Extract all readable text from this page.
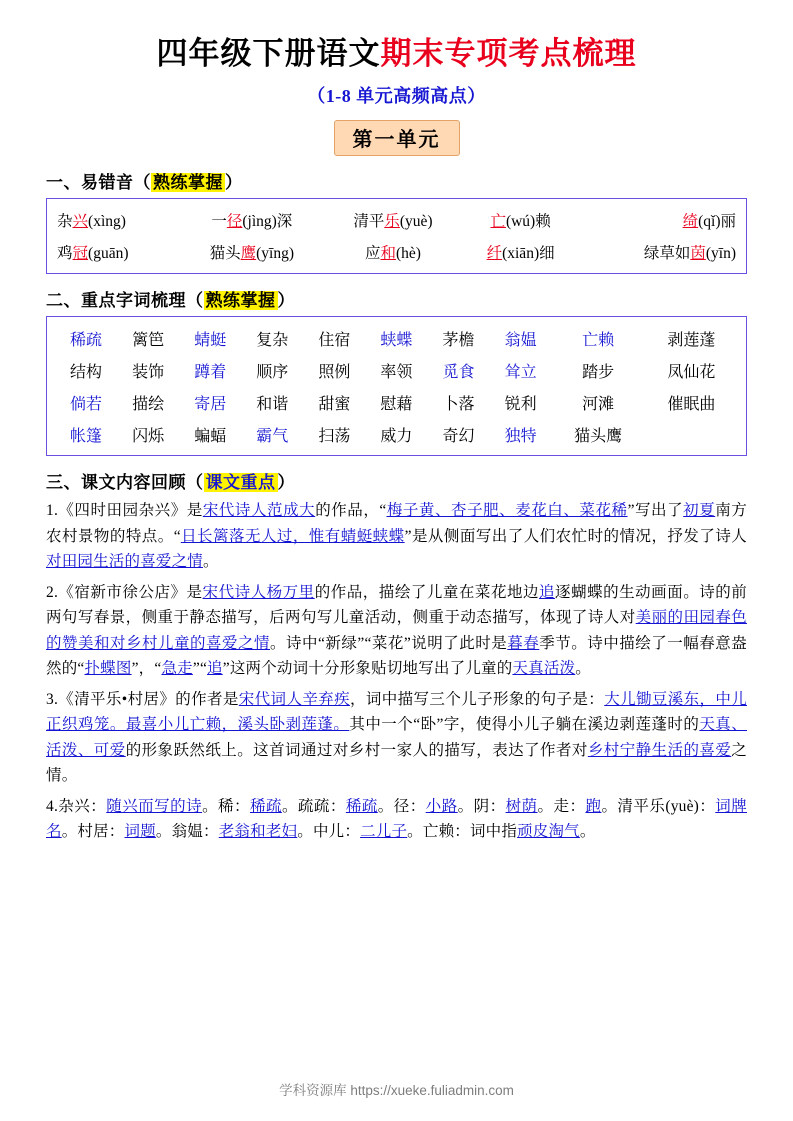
四年级下册语文期末专项考点梳理
（1-8 单元高频高点）
第一单元
一、易错音（ 熟练掌握 ）
杂兴(xìng)	一径(jìng)深	清平乐(yuè)	亡(wú)赖	绮(qǐ)丽
鸡冠(guān)	猫头鹰(yīng)	应和(hè)	纤(xiān)细	绿草如茵(yīn)
二、重点字词梳理（ 熟练掌握 ）
稀疏	篱笆	蜻蜓	复杂	住宿	蛱蝶	茅檐	翁媪	亡赖	剥莲蓬
结构	装饰	蹲着	顺序	照例	率领	觅食	耸立	踏步	凤仙花
倘若	描绘	寄居	和谐	甜蜜	慰藉	卜落	锐利	河滩	催眠曲
帐篷	闪烁	蝙蝠	霸气	扫荡	威力	奇幻	独特	猫头鹰	
三、课文内容回顾（ 课文重点 ）
1.《四时田园杂兴》是宋代诗人范成大的作品，“梅子黄、杏子肥、麦花白、菜花稀”写出了初夏南方农村景物的特点。“日长篱落无人过，惟有蜻蜓蛱蝶”是从侧面写出了人们农忙时的情况，抒发了诗人对田园生活的喜爱之情。
2.《宿新市徐公店》是宋代诗人杨万里的作品，描绘了儿童在菜花地边追逐蝴蝶的生动画面。诗的前两句写春景，侧重于静态描写，后两句写儿童活动，侧重于动态描写，体现了诗人对美丽的田园春色的赞美和对乡村儿童的喜爱之情。诗中“新绿”“菜花”说明了此时是暮春季节。诗中描绘了一幅春意盎然的“扑蝶图”，“急走”“追”这两个动词十分形象贴切地写出了儿童的天真活泼。
3.《清平乐•村居》的作者是宋代词人辛弃疾，词中描写三个儿子形象的句子是：大儿锄豆溪东，中儿正织鸡笼。最喜小儿亡赖，溪头卧剥莲蓬。其中一个“卧”字，使得小儿子躺在溪边剥莲蓬时的天真、活泼、可爱的形象跃然纸上。这首词通过对乡村一家人的描写，表达了作者对乡村宁静生活的喜爱之情。
4.杂兴：随兴而写的诗。稀：稀疏。疏疏：稀疏。径：小路。阴：树荫。走：跑。清平乐(yuè)：词牌名。村居：词题。翁媪：老翁和老妇。中儿：二儿子。亡赖：词中指顽皮淘气。
学科资源库 https://xueke.fuliadmin.com
